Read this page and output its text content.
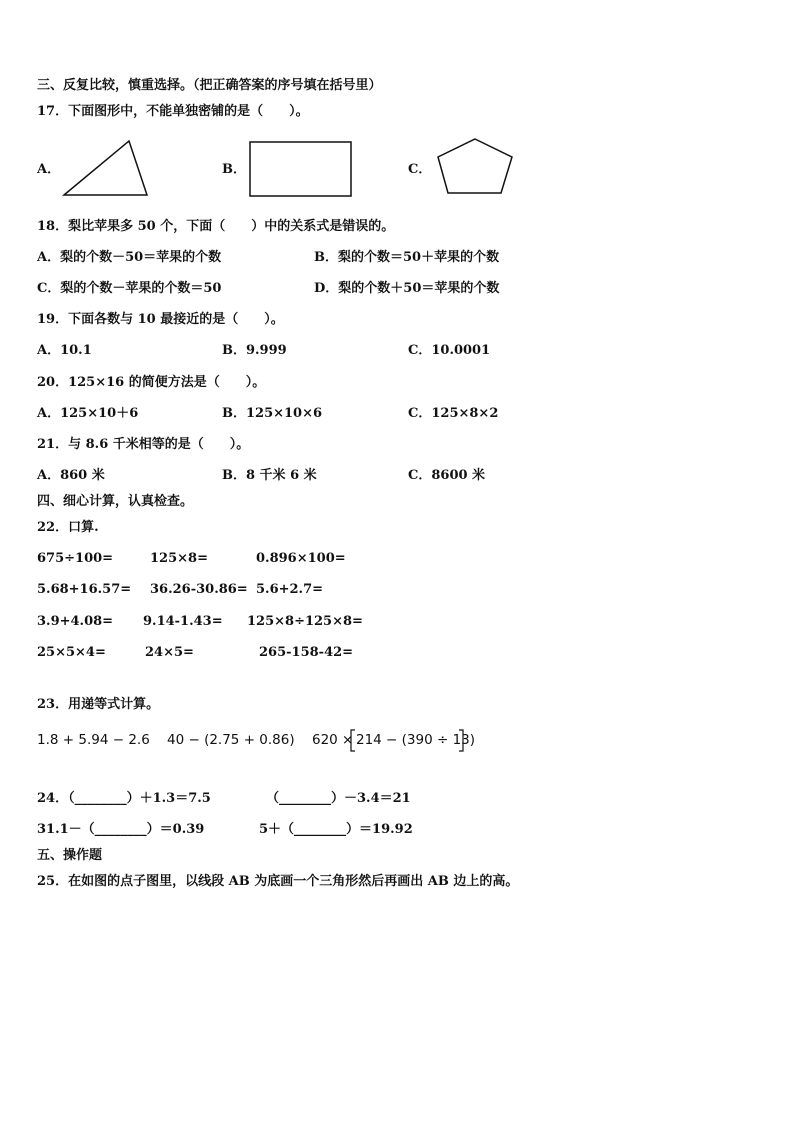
三、反复比较，慎重选择。（把正确答案的序号填在括号里）
17．下面图形中，不能单独密铺的是（　　）。
A．	B．	C．
18．梨比苹果多 50 个，下面（　　）中的关系式是错误的。
A．梨的个数－50＝苹果的个数	B．梨的个数＝50＋苹果的个数
C．梨的个数－苹果的个数＝50	D．梨的个数＋50＝苹果的个数
19．下面各数与 10 最接近的是（　　）。
A．10.1	B．9.999	C．10.0001
20．125×16 的简便方法是（　　）。
A．125×10＋6	B．125×10×6	C．125×8×2
21．与 8.6 千米相等的是（　　）。
A．860 米	B．8 千米 6 米	C．8600 米
四、细心计算，认真检查。
22．口算.
675÷100=	125×8=	0.896×100=
5.68+16.57= 36.26-30.86= 5.6+2.7=
3.9+4.08= 9.14-1.43= 125×8÷125×8=
25×5×4=	24×5=	265-158-42=
23．用递等式计算。
1.8 + 5.94 − 2.6 40 − (2.75 + 0.86) 620 × 214 − (390 ÷ 13)
24．（________）＋1.3＝7.5	（________）－3.4＝21
31.1－（________）＝0.39	5＋（________）＝19.92
五、操作题
25．在如图的点子图里，以线段 AB 为底画一个三角形然后再画出 AB 边上的高。
